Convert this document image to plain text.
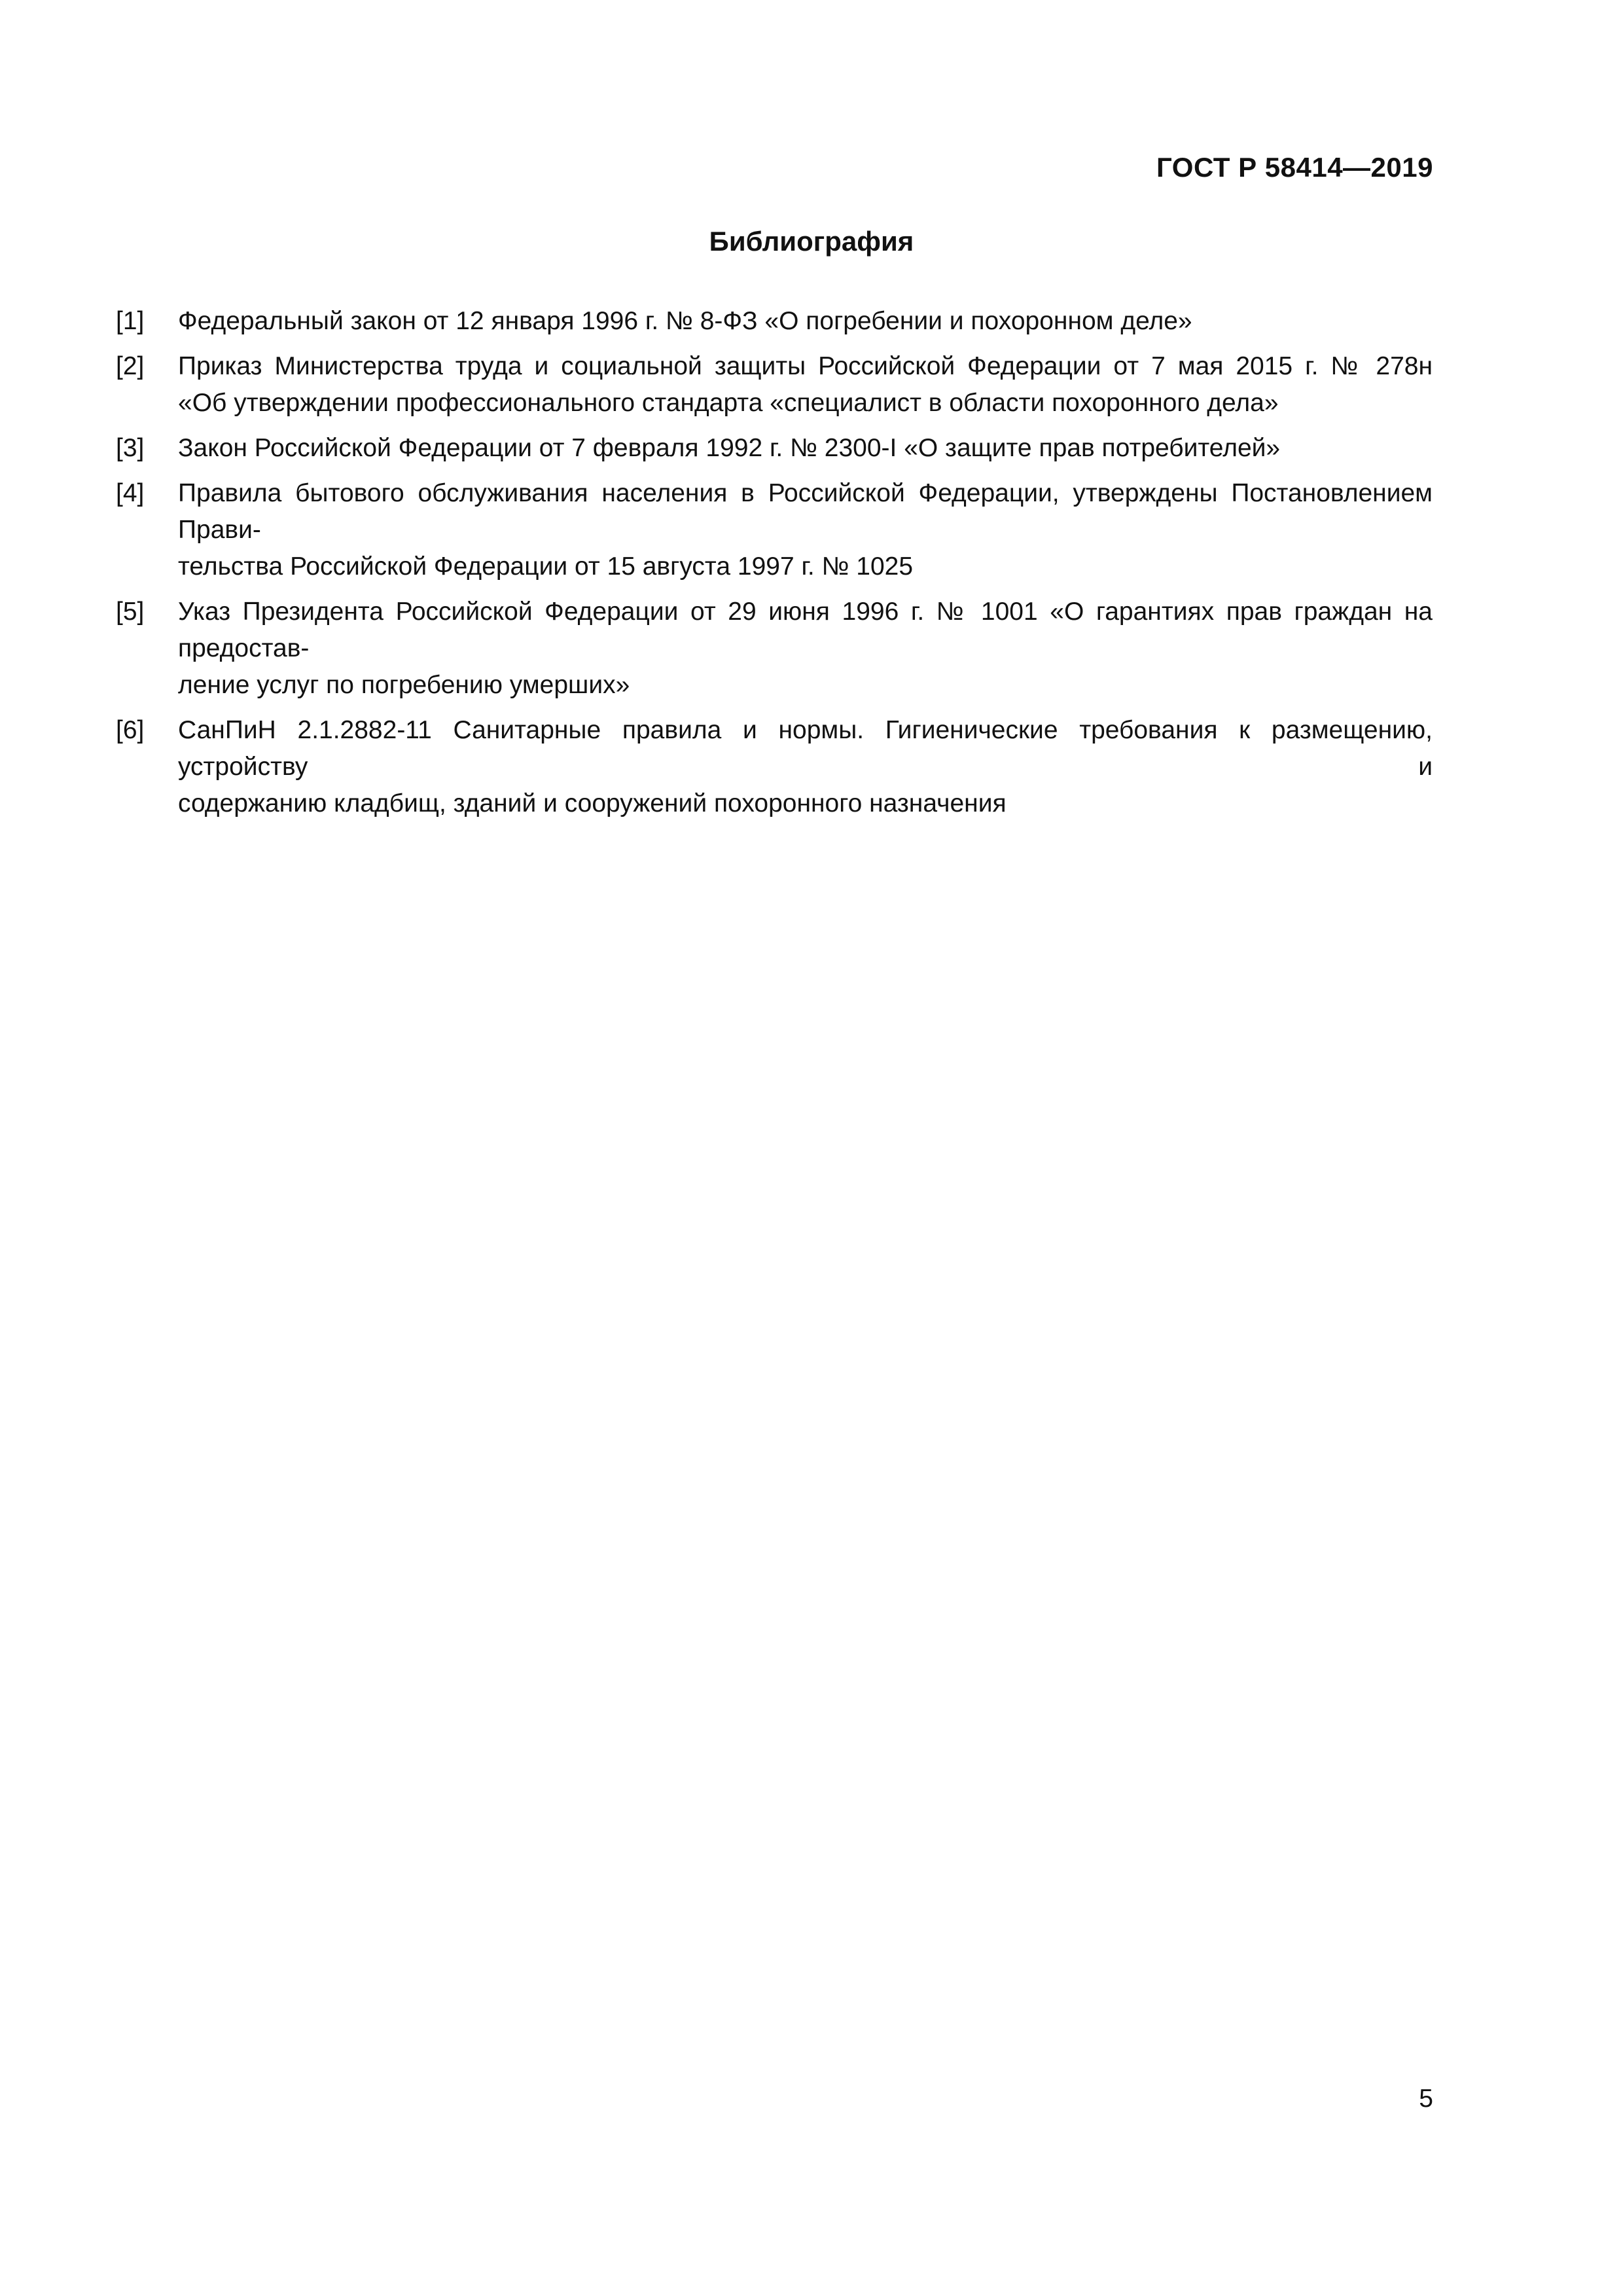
ГОСТ Р 58414—2019
Библиография
[1]	Федеральный закон от 12 января 1996 г. № 8-ФЗ «О погребении и похоронном деле»
[2]	Приказ Министерства труда и социальной защиты Российской Федерации от 7 мая 2015 г. № 278н
«Об утверждении профессионального стандарта «специалист в области похоронного дела»
[3]	Закон Российской Федерации от 7 февраля 1992 г. № 2300-I «О защите прав потребителей»
[4]	Правила бытового обслуживания населения в Российской Федерации, утверждены Постановлением Прави-
тельства Российской Федерации от 15 августа 1997 г. № 1025
[5]	Указ Президента Российской Федерации от 29 июня 1996 г. № 1001 «О гарантиях прав граждан на предостав-
ление услуг по погребению умерших»
[6]	СанПиН 2.1.2882-11 Санитарные правила и нормы. Гигиенические требования к размещению, устройству и
содержанию кладбищ, зданий и сооружений похоронного назначения
5
